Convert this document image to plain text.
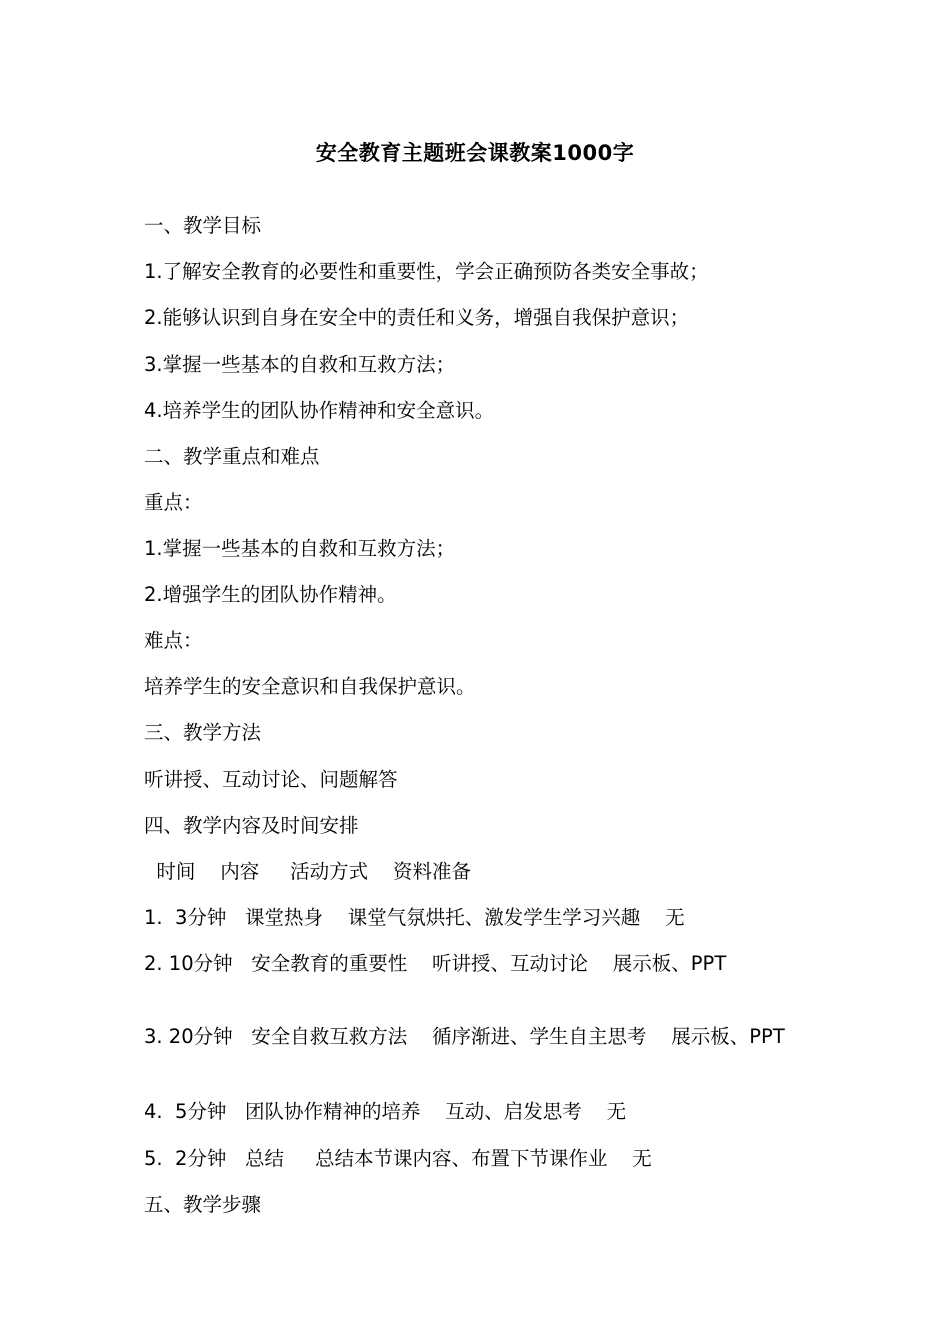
安全教育主题班会课教案1000字
一、教学目标
1.了解安全教育的必要性和重要性，学会正确预防各类安全事故；
2.能够认识到自身在安全中的责任和义务，增强自我保护意识；
3.掌握一些基本的自救和互救方法；
4.培养学生的团队协作精神和安全意识。
二、教学重点和难点
重点：
1.掌握一些基本的自救和互救方法；
2.增强学生的团队协作精神。
难点：
培养学生的安全意识和自我保护意识。
三、教学方法
听讲授、互动讨论、问题解答
四、教学内容及时间安排
时间    内容     活动方式    资料准备
1.  3分钟   课堂热身    课堂气氛烘托、激发学生学习兴趣    无
2. 10分钟   安全教育的重要性    听讲授、互动讨论    展示板、PPT
3. 20分钟   安全自救互救方法    循序渐进、学生自主思考    展示板、PPT
4.  5分钟   团队协作精神的培养    互动、启发思考    无
5.  2分钟   总结     总结本节课内容、布置下节课作业    无
五、教学步骤
